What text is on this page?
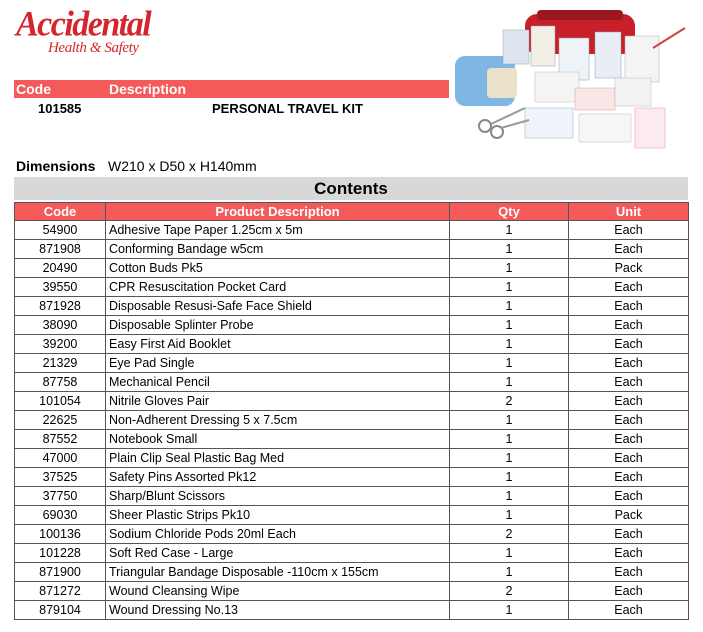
Accidental
Health & Safety
Code	Description
101585	PERSONAL TRAVEL KIT
Dimensions W210 x D50 x H140mm
Contents
Code	Product Description	Qty	Unit
54900	Adhesive Tape Paper 1.25cm x 5m	1	Each
871908	Conforming Bandage w5cm	1	Each
20490	Cotton Buds Pk5	1	Pack
39550	CPR Resuscitation Pocket Card	1	Each
871928	Disposable Resusi-Safe Face Shield	1	Each
38090	Disposable Splinter Probe	1	Each
39200	Easy First Aid Booklet	1	Each
21329	Eye Pad Single	1	Each
87758	Mechanical Pencil	1	Each
101054	Nitrile Gloves Pair	2	Each
22625	Non-Adherent Dressing 5 x 7.5cm	1	Each
87552	Notebook Small	1	Each
47000	Plain Clip Seal Plastic Bag Med	1	Each
37525	Safety Pins Assorted Pk12	1	Each
37750	Sharp/Blunt Scissors	1	Each
69030	Sheer Plastic Strips Pk10	1	Pack
100136	Sodium Chloride Pods 20ml Each	2	Each
101228	Soft Red Case - Large	1	Each
871900	Triangular Bandage Disposable -110cm x 155cm	1	Each
871272	Wound Cleansing Wipe	2	Each
879104	Wound Dressing No.13	1	Each
